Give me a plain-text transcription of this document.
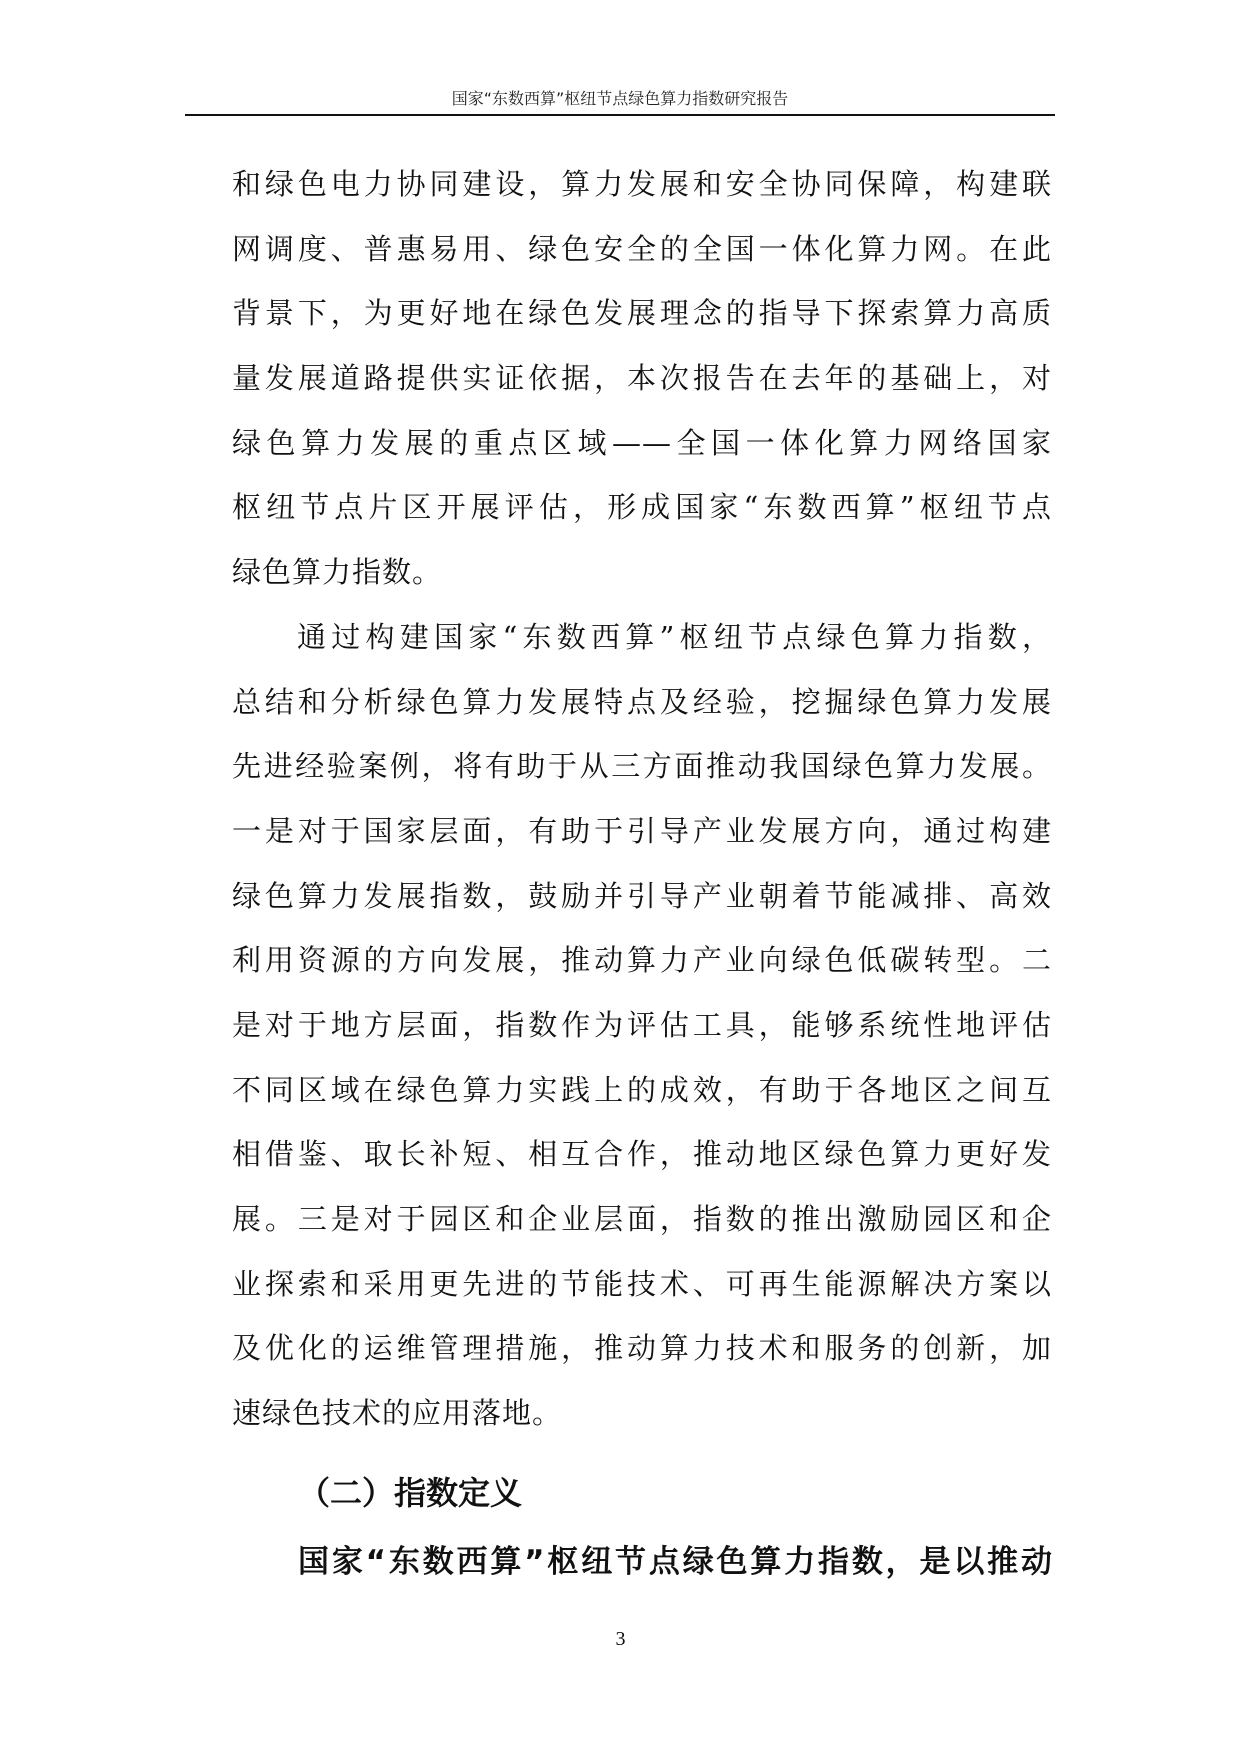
国家“东数西算”枢纽节点绿色算力指数研究报告
和绿色电力协同建设，算力发展和安全协同保障，构建联
网调度、普惠易用、绿色安全的全国一体化算力网。在此
背景下，为更好地在绿色发展理念的指导下探索算力高质
量发展道路提供实证依据，本次报告在去年的基础上，对
绿色算力发展的重点区域——全国一体化算力网络国家
枢纽节点片区开展评估，形成国家“东数西算”枢纽节点
绿色算力指数。
通过构建国家“东数西算”枢纽节点绿色算力指数，
总结和分析绿色算力发展特点及经验，挖掘绿色算力发展
先进经验案例，将有助于从三方面推动我国绿色算力发展。
一是对于国家层面，有助于引导产业发展方向，通过构建
绿色算力发展指数，鼓励并引导产业朝着节能减排、高效
利用资源的方向发展，推动算力产业向绿色低碳转型。二
是对于地方层面，指数作为评估工具，能够系统性地评估
不同区域在绿色算力实践上的成效，有助于各地区之间互
相借鉴、取长补短、相互合作，推动地区绿色算力更好发
展。三是对于园区和企业层面，指数的推出激励园区和企
业探索和采用更先进的节能技术、可再生能源解决方案以
及优化的运维管理措施，推动算力技术和服务的创新，加
速绿色技术的应用落地。
（二）指数定义
国家“东数西算”枢纽节点绿色算力指数，是以推动
3
